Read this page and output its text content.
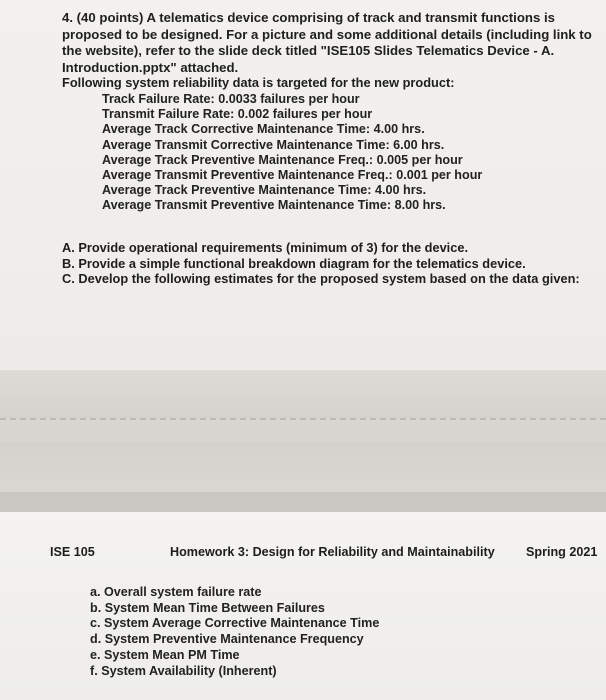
4. (40 points) A telematics device comprising of track and transmit functions is proposed to be designed. For a picture and some additional details (including link to the website), refer to the slide deck titled "ISE105 Slides Telematics Device - A. Introduction.pptx" attached.
Following system reliability data is targeted for the new product:
Track Failure Rate: 0.0033 failures per hour
Transmit Failure Rate: 0.002 failures per hour
Average Track Corrective Maintenance Time: 4.00 hrs.
Average Transmit Corrective Maintenance Time: 6.00 hrs.
Average Track Preventive Maintenance Freq.: 0.005 per hour
Average Transmit Preventive Maintenance Freq.: 0.001 per hour
Average Track Preventive Maintenance Time: 4.00 hrs.
Average Transmit Preventive Maintenance Time: 8.00 hrs.
A. Provide operational requirements (minimum of 3) for the device.
B. Provide a simple functional breakdown diagram for the telematics device.
C. Develop the following estimates for the proposed system based on the data given:
ISE 105	Homework 3: Design for Reliability and Maintainability Spring 2021
a. Overall system failure rate
b. System Mean Time Between Failures
c. System Average Corrective Maintenance Time
d. System Preventive Maintenance Frequency
e. System Mean PM Time
f. System Availability (Inherent)
